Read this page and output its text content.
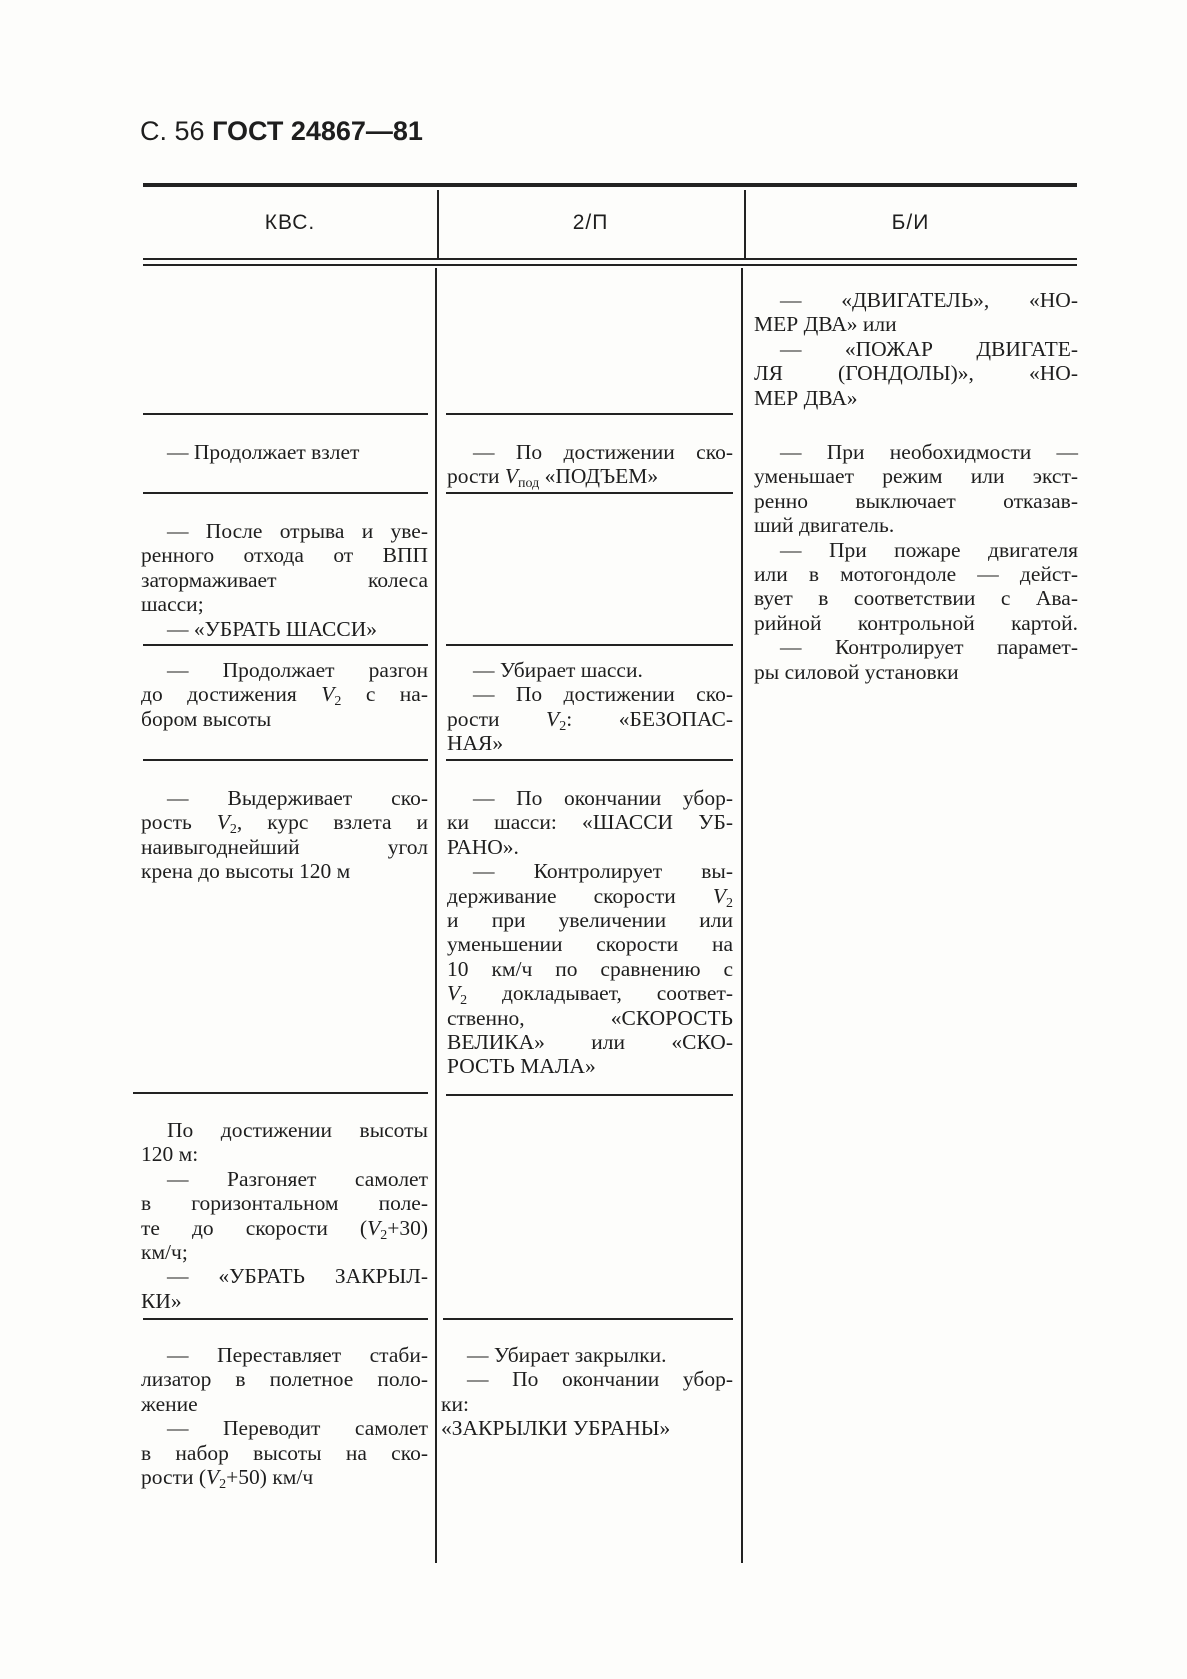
С. 56 ГОСТ 24867—81
КВС.	2/П	Б/И
— «ДВИГАТЕЛЬ», «НО-
МЕР ДВА» или
— «ПОЖАР ДВИГАТЕ-
ЛЯ (ГОНДОЛЫ)», «НО-
МЕР ДВА»
— При необохидмости —
уменьшает режим или экст-
ренно выключает отказав-
ший двигатель.
— При пожаре двигателя
или в мотогондоле — дейст-
вует в соответствии с Ава-
рийной контрольной картой.
— Контролирует парамет-
ры силовой установки
— Продолжает взлет
— После отрыва и уве-
ренного отхода от ВПП
затормаживает колеса
шасси;
— «УБРАТЬ ШАССИ»
— Продолжает разгон
до достижения $V_2$ с на-
бором высоты
— Выдерживает ско-
рость $V_2$, курс взлета и
наивыгоднейший угол
крена до высоты 120 м
По достижении высоты
120 м:
— Разгоняет самолет
в горизонтальном поле-
те до скорости $(V_2+30)$
км/ч;
— «УБРАТЬ ЗАКРЫЛ-
КИ»
— Переставляет стаби-
лизатор в полетное поло-
жение
— Переводит самолет
в набор высоты на ско-
рости $(V_2+50)$ км/ч
— По достижении ско-
рости $V_{под}$ «ПОДЪЕМ»
— Убирает шасси.
— По достижении ско-
рости $V_2$: «БЕЗОПАС-
НАЯ»
— По окончании убор-
ки шасси: «ШАССИ УБ-
РАНО».
— Контролирует вы-
держивание скорости $V_2$
и при увеличении или
уменьшении скорости на
10 км/ч по сравнению с
$V_2$ докладывает, соответ-
ственно, «СКОРОСТЬ
ВЕЛИКА» или «СКО-
РОСТЬ МАЛА»
— Убирает закрылки.
— По окончании убор-
ки:
«ЗАКРЫЛКИ УБРАНЫ»
